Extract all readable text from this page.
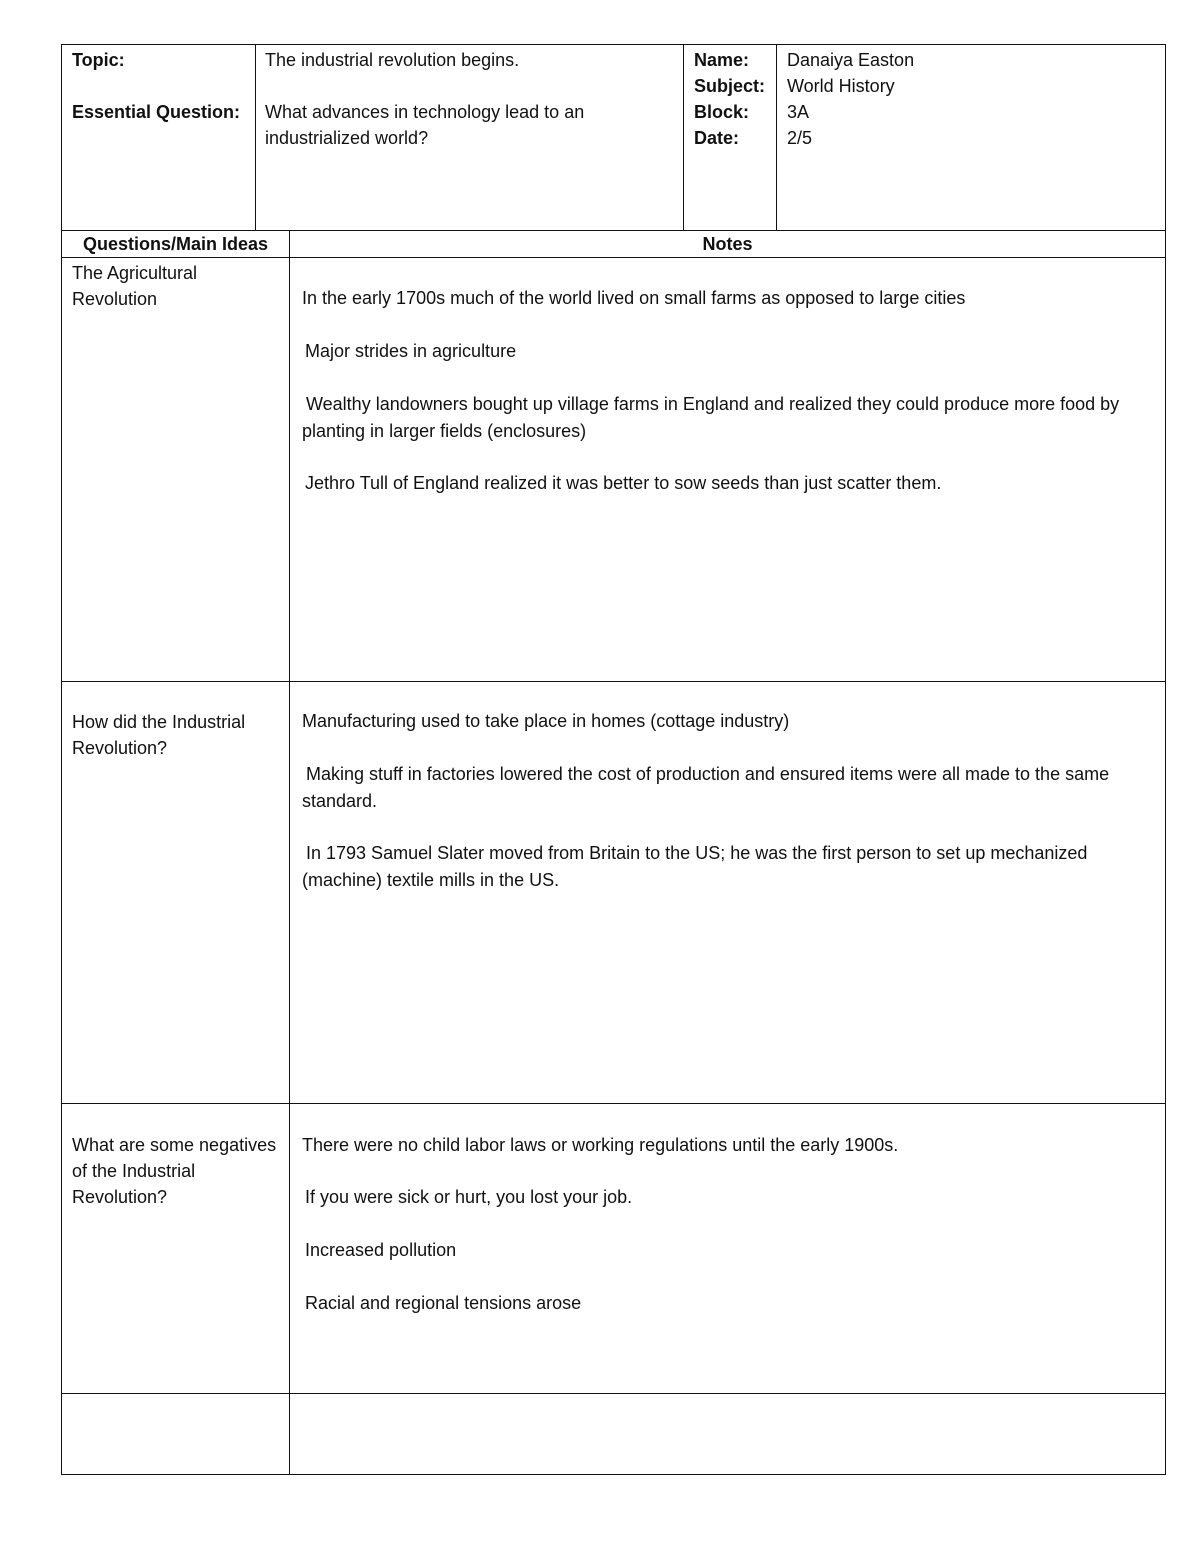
Topic:
Essential Question:
The industrial revolution begins.
What advances in technology lead to an industrialized world?
Name:
Subject:
Block:
Date:
Danaiya Easton
World History
3A
2/5
Questions/Main Ideas	Notes
The Agricultural Revolution	In the early 1700s much of the world lived on small farms as opposed to large cities
Major strides in agriculture
Wealthy landowners bought up village farms in England and realized they could produce more food by planting in larger fields (enclosures)
Jethro Tull of England realized it was better to sow seeds than just scatter them.
How did the Industrial Revolution?
Manufacturing used to take place in homes (cottage industry)
Making stuff in factories lowered the cost of production and ensured items were all made to the same standard.
In 1793 Samuel Slater moved from Britain to the US; he was the first person to set up mechanized (machine) textile mills in the US.
What are some negatives of the Industrial Revolution?
There were no child labor laws or working regulations until the early 1900s.
If you were sick or hurt, you lost your job.
Increased pollution
Racial and regional tensions arose
